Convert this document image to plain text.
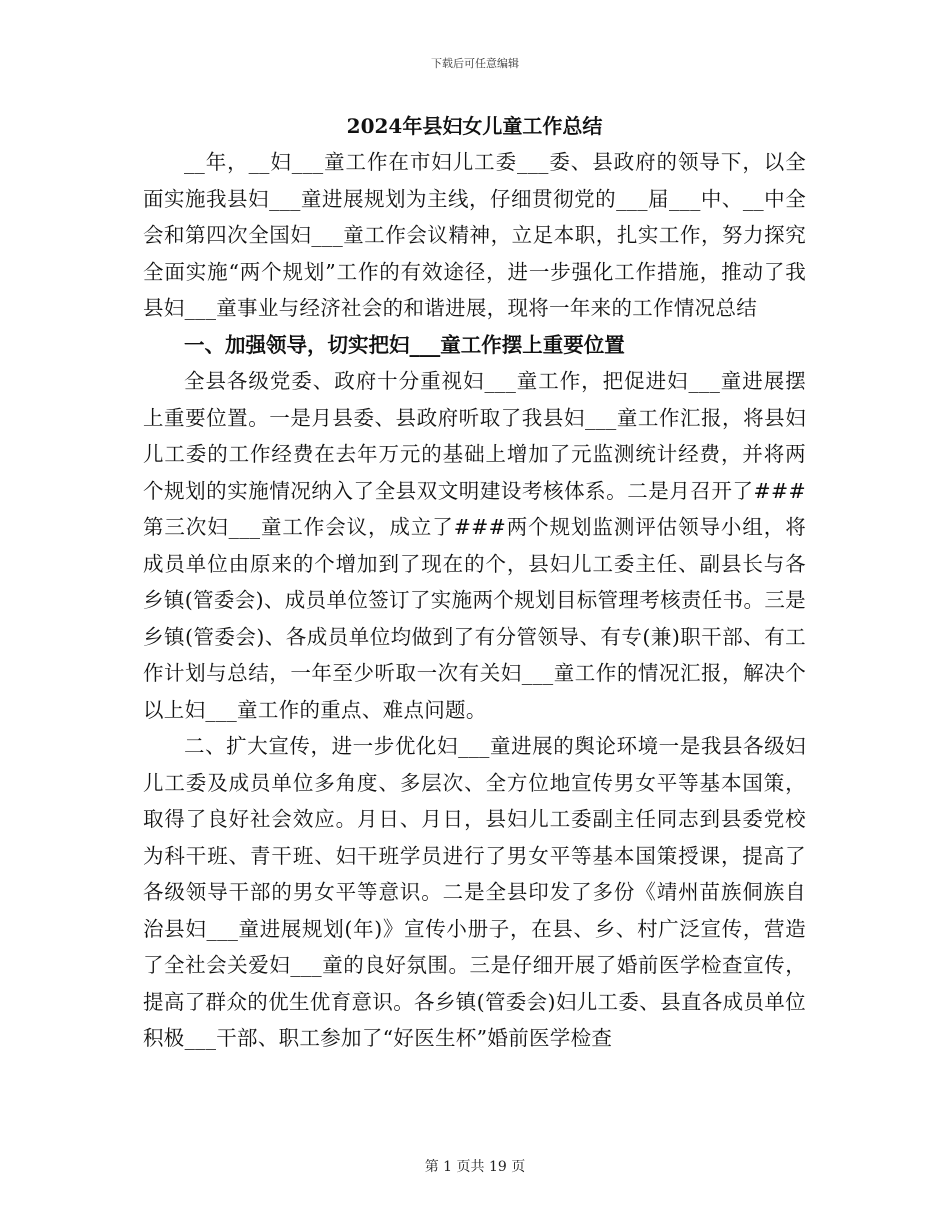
下载后可任意编辑
2024年县妇女儿童工作总结

__年，__妇___童工作在市妇儿工委___委、县政府的领导下，以全面实施我县妇___童进展规划为主线，仔细贯彻党的___届___中、__中全会和第四次全国妇___童工作会议精神，立足本职，扎实工作，努力探究全面实施“两个规划”工作的有效途径，进一步强化工作措施，推动了我县妇___童事业与经济社会的和谐进展，现将一年来的工作情况总结

一、加强领导，切实把妇___童工作摆上重要位置

全县各级党委、政府十分重视妇___童工作，把促进妇___童进展摆上重要位置。一是月县委、县政府听取了我县妇___童工作汇报，将县妇儿工委的工作经费在去年万元的基础上增加了元监测统计经费，并将两个规划的实施情况纳入了全县双文明建设考核体系。二是月召开了###第三次妇___童工作会议，成立了###两个规划监测评估领导小组，将成员单位由原来的个增加到了现在的个，县妇儿工委主任、副县长与各乡镇(管委会)、成员单位签订了实施两个规划目标管理考核责任书。三是乡镇(管委会)、各成员单位均做到了有分管领导、有专(兼)职干部、有工作计划与总结，一年至少听取一次有关妇___童工作的情况汇报，解决个以上妇___童工作的重点、难点问题。

二、扩大宣传，进一步优化妇___童进展的舆论环境一是我县各级妇儿工委及成员单位多角度、多层次、全方位地宣传男女平等基本国策，取得了良好社会效应。月日、月日，县妇儿工委副主任同志到县委党校为科干班、青干班、妇干班学员进行了男女平等基本国策授课，提高了各级领导干部的男女平等意识。二是全县印发了多份《靖州苗族侗族自治县妇___童进展规划(年)》宣传小册子，在县、乡、村广泛宣传，营造了全社会关爱妇___童的良好氛围。三是仔细开展了婚前医学检查宣传，提高了群众的优生优育意识。各乡镇(管委会)妇儿工委、县直各成员单位积极___干部、职工参加了“好医生杯”婚前医学检查

第 1 页共 19 页
